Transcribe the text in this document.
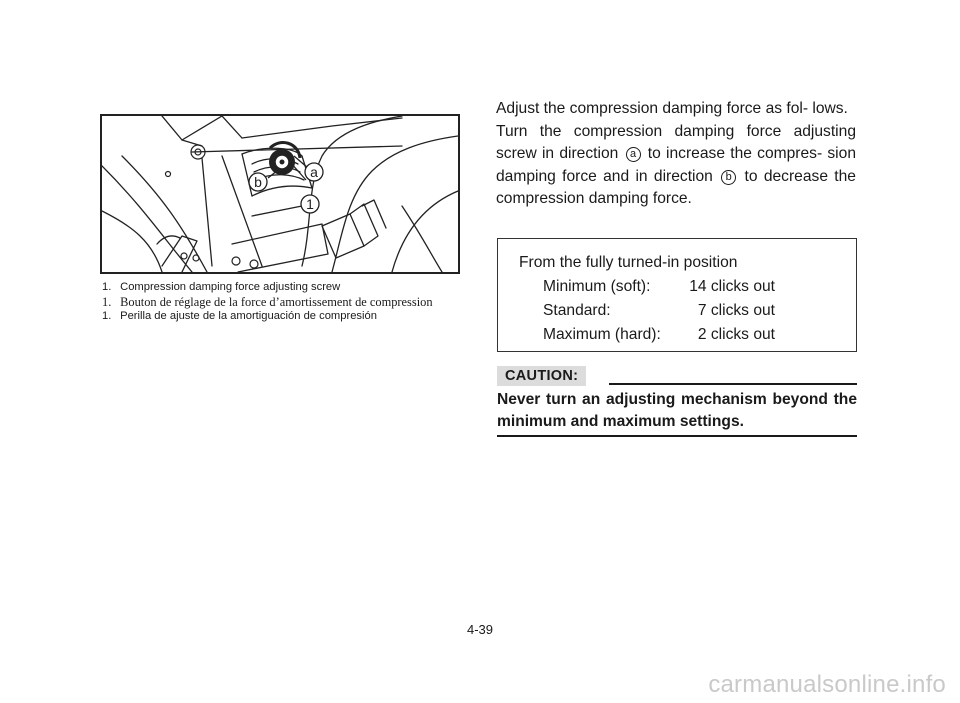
a
b
1
1. Compression damping force adjusting screw
1. Bouton de réglage de la force d’amortissement de compression
1. Perilla de ajuste de la amortiguación de compresión

Adjust the compression damping force as fol- lows.

Turn the compression damping force adjusting screw in direction a to increase the compres- sion damping force and in direction b to decrease the compression damping force.

From the fully turned-in position
Minimum (soft): 14 clicks out
Standard:	7 clicks out
Maximum (hard): 2 clicks out
CAUTION:
Never turn an adjusting mechanism beyond the minimum and maximum settings.
4-39
carmanualsonline.info
